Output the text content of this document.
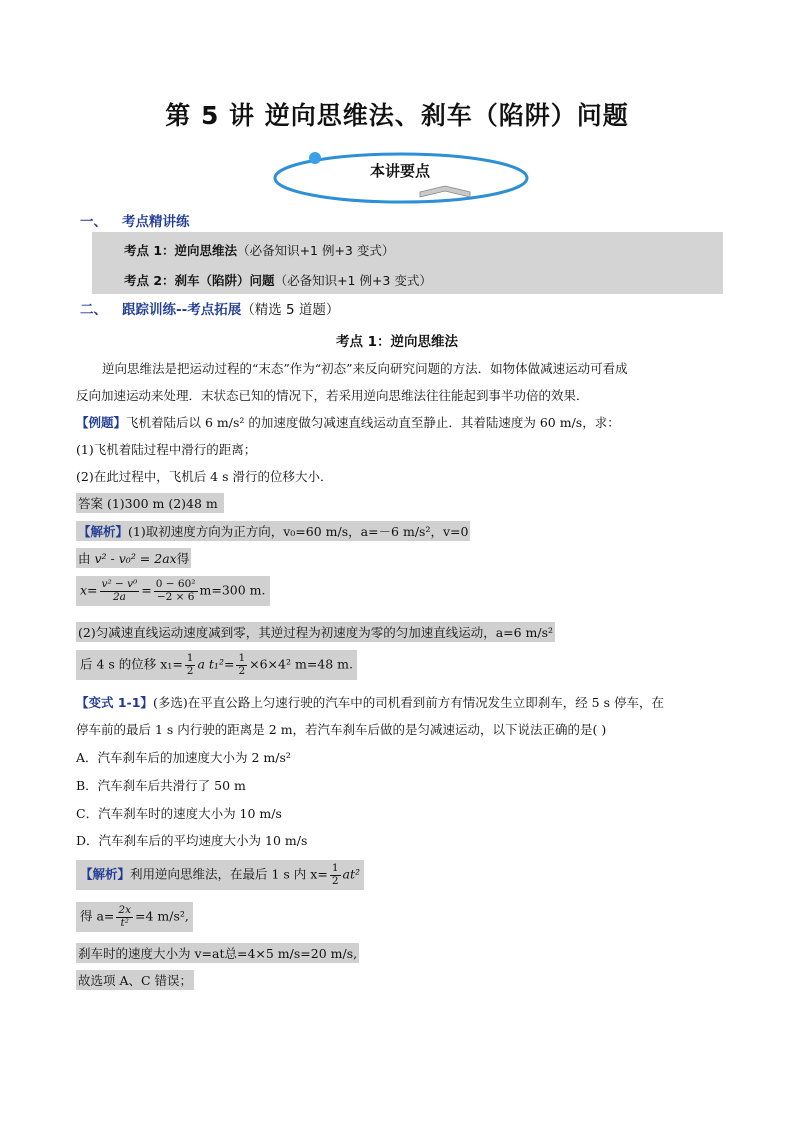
第 5 讲 逆向思维法、刹车（陷阱）问题
本讲要点
一、 考点精讲练
考点 1：逆向思维法（必备知识+1 例+3 变式）
考点 2：刹车（陷阱）问题（必备知识+1 例+3 变式）
二、 跟踪训练--考点拓展（精选 5 道题）
考点 1：逆向思维法
逆向思维法是把运动过程的“末态”作为“初态”来反向研究问题的方法．如物体做减速运动可看成
反向加速运动来处理．末状态已知的情况下，若采用逆向思维法往往能起到事半功倍的效果．
【例题】飞机着陆后以 6 m/s² 的加速度做匀减速直线运动直至静止．其着陆速度为 60 m/s，求：
(1)飞机着陆过程中滑行的距离；
(2)在此过程中，飞机后 4 s 滑行的位移大小．
答案 (1)300 m (2)48 m
【解析】(1)取初速度方向为正方向，v₀=60 m/s，a=－6 m/s²，v=0
由 v² - v₀² = 2ax得
$x= \frac{\text{v² − v⁰}}{2a} = \frac{\text{0 − 60²}}{-2 \times 6} m=300$ m.
(2)匀减速直线运动速度减到零，其逆过程为初速度为零的匀加速直线运动，a=6 m/s²
后 4 s 的位移 $x_1= \frac{1}{2}$ a $t_1^2= \frac{1}{2} \times 6\times 4^2$ m=48 m.
【变式 1-1】(多选)在平直公路上匀速行驶的汽车中的司机看到前方有情况发生立即刹车，经 5 s 停车，在
停车前的最后 1 s 内行驶的距离是 2 m，若汽车刹车后做的是匀减速运动，以下说法正确的是( )
A．汽车刹车后的加速度大小为 2 m/s²
B．汽车刹车后共滑行了 50 m
C．汽车刹车时的速度大小为 10 m/s
D．汽车刹车后的平均速度大小为 10 m/s
【解析】利用逆向思维法，在最后 1 s 内 $x= \frac{1}{2} at^2$
得 $a= \frac{2x}{\text{t²}} =4$ m/s²,
刹车时的速度大小为 v=at总=4×5 m/s=20 m/s,
故选项 A、C 错误；
